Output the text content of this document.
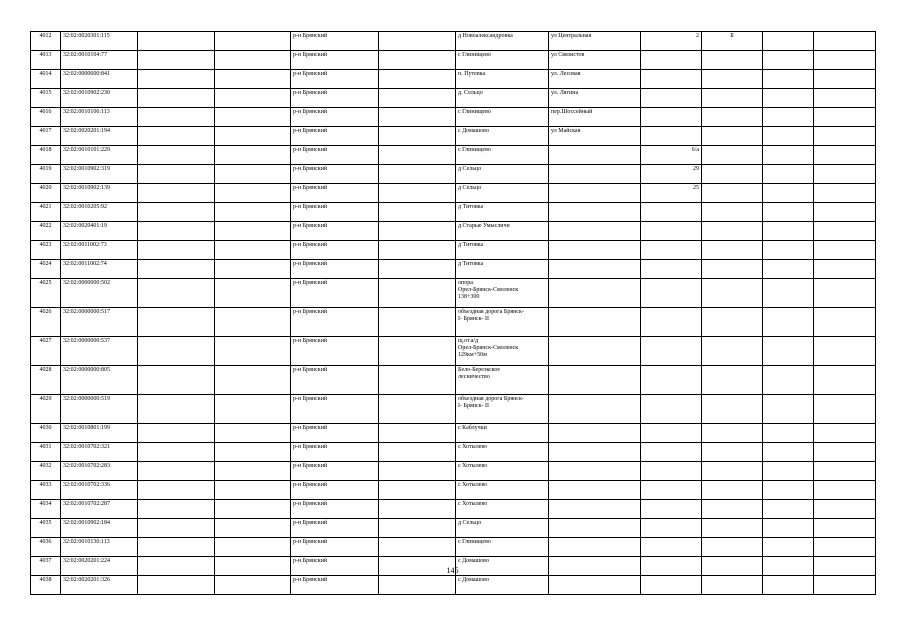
4012	32:02:0020301:115			р-н Брянский		д Новоалександровка	ул Центральная	2	Б		
4013	32:02:0010104:77			р-н Брянский		с Глинищево	ул Связистов				
4014	32:02:0000600:841			р-н Брянский		п. Путевка	ул. Лесовая				
4015	32:02:0010902:230			р-н Брянский		д. Сельцо	ул. Лягина				
4016	32:02:0010106:113			р-н Брянский		с Глинищево	пер.Шоссейный				
4017	32:02:0020201:194			р-н Брянский		с Домашово	ул Майская				
4018	32:02:0010101:229			р-н Брянский		с Глинищево		6/а			
4019	32:02:0010902:319			р-н Брянский		д Сельцо		29			
4020	32:02:0010902:139			р-н Брянский		д Сельцо		25			
4021	32:02:0010205:92			р-н Брянский		д Титовка					
4022	32:02:0020401:19			р-н Брянский		д Старые Умысличи					
4023	32:02:0011002:73			р-н Брянский		д Титовка					
4024	32:02:0011002:74			р-н Брянский		д Титовка					
4025	32:02:0000000:502			р-н Брянский		опора
Орел-Брянск-Смоленск
138+300					
4026	32:02:0000000:517			р-н Брянский		объездная дорога Брянск-
I- Брянск- II					
4027	32:02:0000000:537			р-н Брянский		щ.от.а/д
Орел-Брянск-Смоленск
129км+50м					
4028	32:02:0000000:805			р-н Брянский		Бело-Березкское
лесничество					
4029	32:02:0000000:519			р-н Брянский		объездная дорога Брянск-
I- Брянск- II					
4030	32:02:0010801:199			р-н Брянский		с Каблучки					
4031	32:02:0010702:321			р-н Брянский		с Хотылево					
4032	32:02:0010702:283			р-н Брянский		с Хотылево					
4033	32:02:0010702:336			р-н Брянский		с Хотылево					
4034	32:02:0010702:287			р-н Брянский		с Хотылево					
4035	32:02:0010902:184			р-н Брянский		д Сельцо					
4036	32:02:0010130:113			р-н Брянский		с Глинищево					
4037	32:02:0020201:224			р-н Брянский		с Домашово					
4038	32:02:0020201:326			р-н Брянский		с Домашово					
145
